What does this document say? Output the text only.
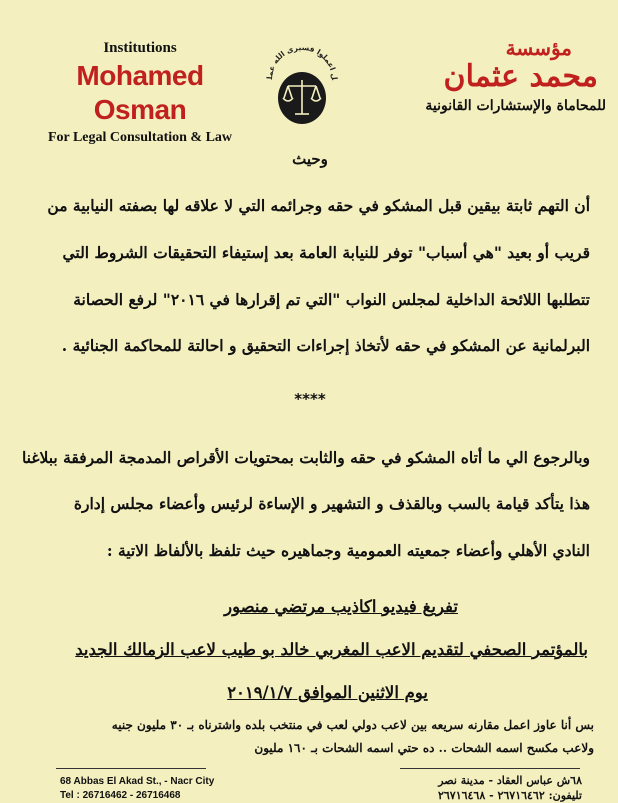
Institutions
Mohamed Osman
For Legal Consultation & Law
ل اعملوا فسيرى الله عمل
مؤسسة
محمد عثمان
للمحاماة والإستشارات القانونية
وحيث
أن التهم ثابتة بيقين قبل المشكو في حقه وجرائمه التي لا علاقه لها بصفته النيابية من
قريب أو بعيد "هي أسباب" توفر للنيابة العامة بعد إستيفاء التحقيقات الشروط التي
تتطلبها اللائحة الداخلية لمجلس النواب "التي تم إقرارها في ٢٠١٦" لرفع الحصانة
البرلمانية عن المشكو في حقه لأتخاذ إجراءات التحقيق و احالتة للمحاكمة الجنائية .
****
وبالرجوع الي ما أتاه المشكو في حقه والثابت بمحتويات الأقراص المدمجة المرفقة ببلاغنا
هذا يتأكد قيامة بالسب وبالقذف و التشهير و الإساءة لرئيس وأعضاء مجلس إدارة
النادي الأهلي وأعضاء جمعيته العمومية وجماهيره حيث تلفظ بالألفاظ الاتية :
تفريغ فيديو اكاذيب مرتضي منصور
بالمؤتمر الصحفي لتقديم الاعب المغربي خالد بو طيب لاعب الزمالك الجديد
يوم الاثنين الموافق ٢٠١٩/١/٧
بس أنا عاوز اعمل مقارنه سريعه بين لاعب دولي لعب في منتخب بلده واشترناه بـ ٣٠ مليون جنيه
ولاعب مكسح اسمه الشحات .. ده حتي اسمه الشحات بـ ١٦٠ مليون
68 Abbas El Akad St., - Nacr City
Tel : 26716462 - 26716468
٦٨ش عباس العقاد - مدينة نصر
تليفون: ٢٦٧١٦٤٦٢ - ٢٦٧١٦٤٦٨
